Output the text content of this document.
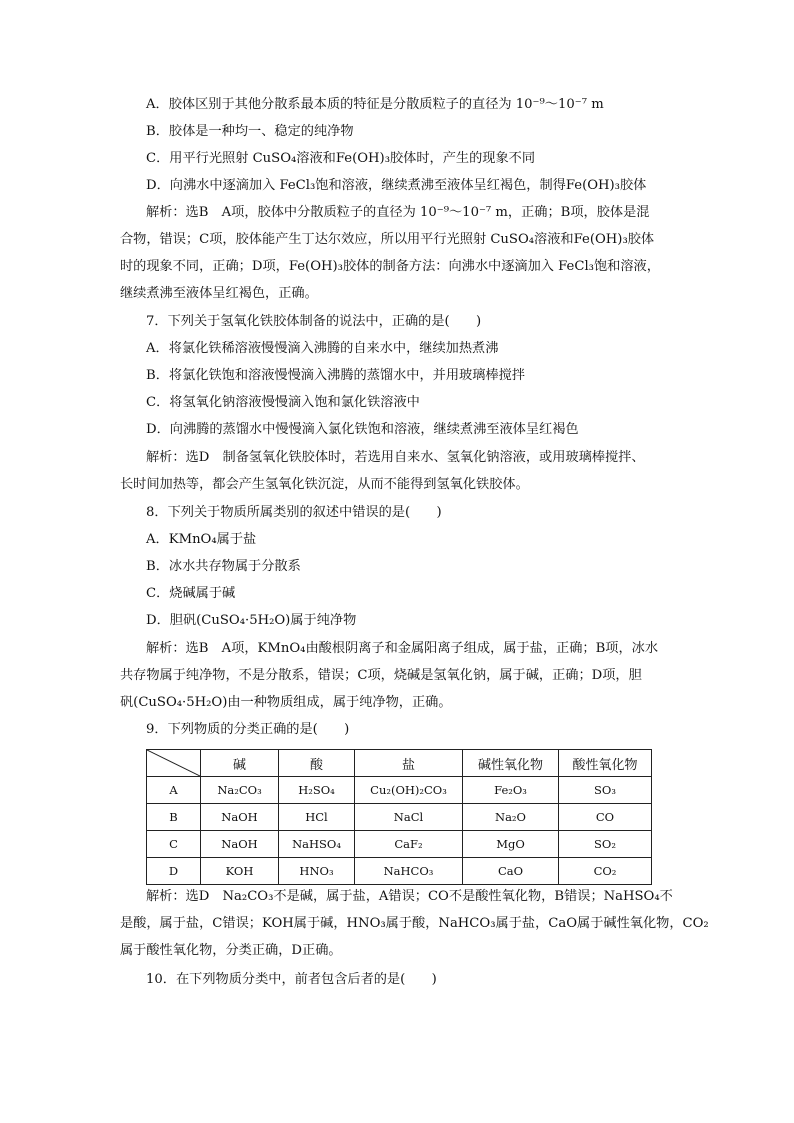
A．胶体区别于其他分散系最本质的特征是分散质粒子的直径为 10⁻⁹～10⁻⁷ m
B．胶体是一种均一、稳定的纯净物
C．用平行光照射 CuSO₄溶液和Fe(OH)₃胶体时，产生的现象不同
D．向沸水中逐滴加入 FeCl₃饱和溶液，继续煮沸至液体呈红褐色，制得Fe(OH)₃胶体
解析：选B　A项，胶体中分散质粒子的直径为 10⁻⁹～10⁻⁷ m，正确；B项，胶体是混
合物，错误；C项，胶体能产生丁达尔效应，所以用平行光照射 CuSO₄溶液和Fe(OH)₃胶体
时的现象不同，正确；D项，Fe(OH)₃胶体的制备方法：向沸水中逐滴加入 FeCl₃饱和溶液，
继续煮沸至液体呈红褐色，正确。
7．下列关于氢氧化铁胶体制备的说法中，正确的是(　　)
A．将氯化铁稀溶液慢慢滴入沸腾的自来水中，继续加热煮沸
B．将氯化铁饱和溶液慢慢滴入沸腾的蒸馏水中，并用玻璃棒搅拌
C．将氢氧化钠溶液慢慢滴入饱和氯化铁溶液中
D．向沸腾的蒸馏水中慢慢滴入氯化铁饱和溶液，继续煮沸至液体呈红褐色
解析：选D　制备氢氧化铁胶体时，若选用自来水、氢氧化钠溶液，或用玻璃棒搅拌、
长时间加热等，都会产生氢氧化铁沉淀，从而不能得到氢氧化铁胶体。
8．下列关于物质所属类别的叙述中错误的是(　　)
A．KMnO₄属于盐
B．冰水共存物属于分散系
C．烧碱属于碱
D．胆矾(CuSO₄·5H₂O)属于纯净物
解析：选B　A项，KMnO₄由酸根阴离子和金属阳离子组成，属于盐，正确；B项，冰水
共存物属于纯净物，不是分散系，错误；C项，烧碱是氢氧化钠，属于碱，正确；D项，胆
矾(CuSO₄·5H₂O)由一种物质组成，属于纯净物，正确。
9．下列物质的分类正确的是(　　)
	碱	酸	盐	碱性氧化物	酸性氧化物
A	Na₂CO₃	H₂SO₄	Cu₂(OH)₂CO₃	Fe₂O₃	SO₃
B	NaOH	HCl	NaCl	Na₂O	CO
C	NaOH	NaHSO₄	CaF₂	MgO	SO₂
D	KOH	HNO₃	NaHCO₃	CaO	CO₂
解析：选D　Na₂CO₃不是碱，属于盐，A错误；CO不是酸性氧化物，B错误；NaHSO₄不
是酸，属于盐，C错误；KOH属于碱，HNO₃属于酸，NaHCO₃属于盐，CaO属于碱性氧化物，CO₂
属于酸性氧化物，分类正确，D正确。
10．在下列物质分类中，前者包含后者的是(　　)
